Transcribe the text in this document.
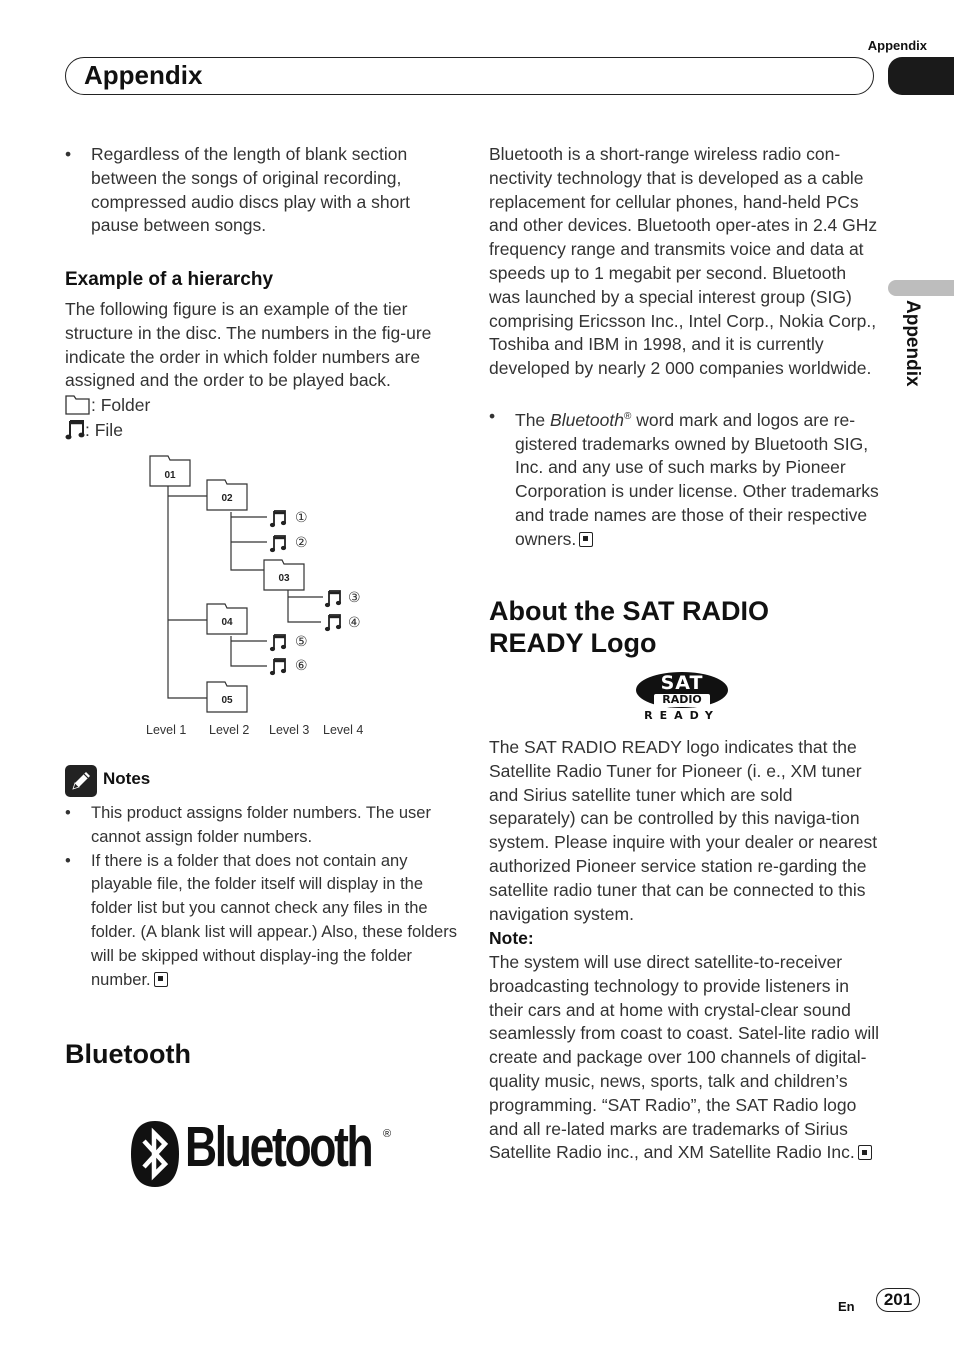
Appendix
Appendix
Appendix
• Regardless of the length of blank section between the songs of original recording, compressed audio discs play with a short pause between songs.
Example of a hierarchy
The following figure is an example of the tier structure in the disc. The numbers in the fig-ure indicate the order in which folder numbers are assigned and the order to be played back.
: Folder
: File
01
02
03
04
05
①
②
③
④
⑤
⑥
Level 1 Level 2 Level 3 Level 4
Notes
• This product assigns folder numbers. The user cannot assign folder numbers.
• If there is a folder that does not contain any playable file, the folder itself will display in the folder list but you cannot check any files in the folder. (A blank list will appear.) Also, these folders will be skipped without display-ing the folder number.
Bluetooth
Bluetooth ®
Bluetooth is a short-range wireless radio con-nectivity technology that is developed as a cable replacement for cellular phones, hand-held PCs and other devices. Bluetooth oper-ates in 2.4 GHz frequency range and transmits voice and data at speeds up to 1 megabit per second. Bluetooth was launched by a special interest group (SIG) comprising Ericsson Inc., Intel Corp., Nokia Corp., Toshiba and IBM in 1998, and it is currently developed by nearly 2 000 companies worldwide.
• The Bluetooth® word mark and logos are re-gistered trademarks owned by Bluetooth SIG, Inc. and any use of such marks by Pioneer Corporation is under license. Other trademarks and trade names are those of their respective owners.
About the SAT RADIO READY Logo
SAT
RADIO
READY
The SAT RADIO READY logo indicates that the Satellite Radio Tuner for Pioneer (i. e., XM tuner and Sirius satellite tuner which are sold separately) can be controlled by this naviga-tion system. Please inquire with your dealer or nearest authorized Pioneer service station re-garding the satellite radio tuner that can be connected to this navigation system.
Note:
The system will use direct satellite-to-receiver broadcasting technology to provide listeners in their cars and at home with crystal-clear sound seamlessly from coast to coast. Satel-lite radio will create and package over 100 channels of digital- quality music, news, sports, talk and children’s programming. “SAT Radio”, the SAT Radio logo and all re-lated marks are trademarks of Sirius Satellite Radio inc., and XM Satellite Radio Inc.
En	201
